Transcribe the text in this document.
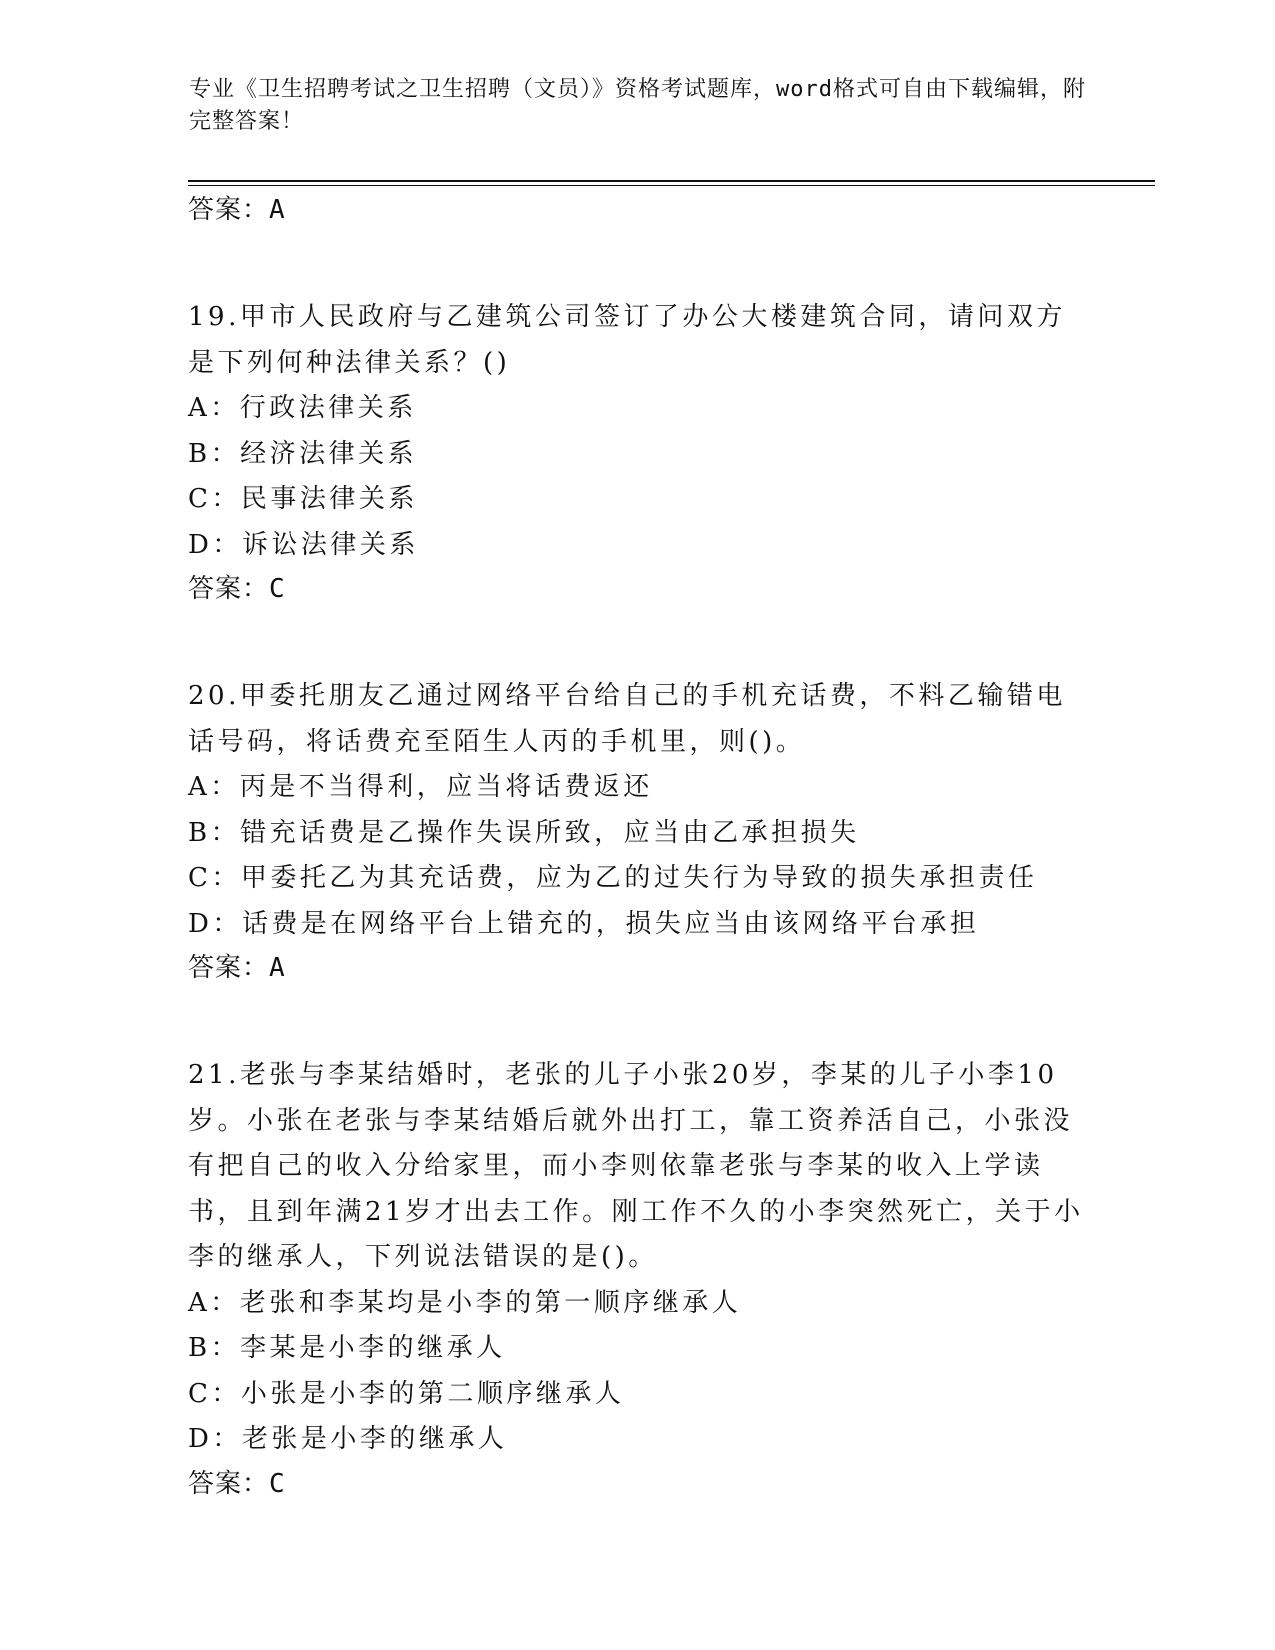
专业《卫生招聘考试之卫生招聘（文员）》资格考试题库，word格式可自由下载编辑，附完整答案！

答案：A

19.甲市人民政府与乙建筑公司签订了办公大楼建筑合同，请问双方是下列何种法律关系？()

A：行政法律关系

B：经济法律关系

C：民事法律关系

D：诉讼法律关系

答案：C

20.甲委托朋友乙通过网络平台给自己的手机充话费，不料乙输错电话号码，将话费充至陌生人丙的手机里，则()。

A：丙是不当得利，应当将话费返还

B：错充话费是乙操作失误所致，应当由乙承担损失

C：甲委托乙为其充话费，应为乙的过失行为导致的损失承担责任

D：话费是在网络平台上错充的，损失应当由该网络平台承担

答案：A

21.老张与李某结婚时，老张的儿子小张20岁，李某的儿子小李10岁。小张在老张与李某结婚后就外出打工，靠工资养活自己，小张没有把自己的收入分给家里，而小李则依靠老张与李某的收入上学读书，且到年满21岁才出去工作。刚工作不久的小李突然死亡，关于小李的继承人，下列说法错误的是()。

A：老张和李某均是小李的第一顺序继承人

B：李某是小李的继承人

C：小张是小李的第二顺序继承人

D：老张是小李的继承人

答案：C
